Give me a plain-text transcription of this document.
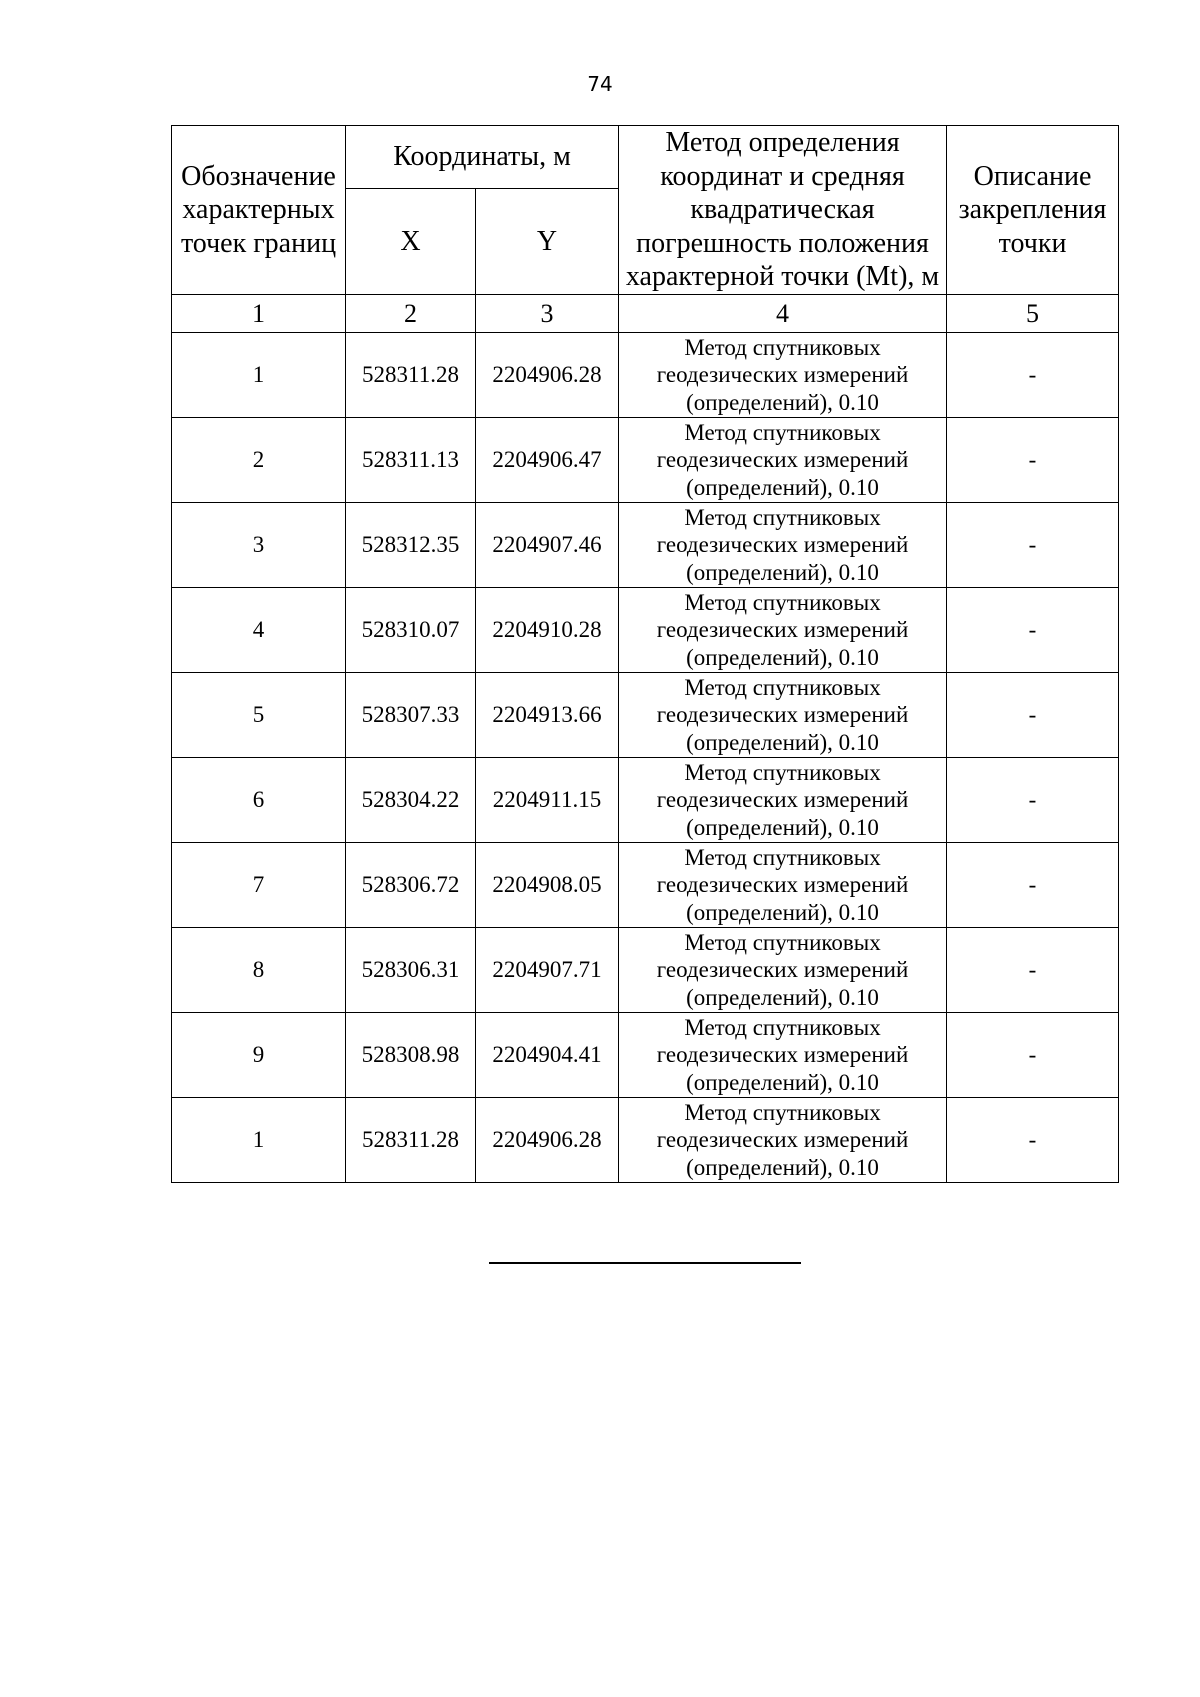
74
Обозначение характерных точек границ	Координаты, м		Метод определения координат и средняя квадратическая погрешность положения характерной точки (Mt), м	Описание закрепления точки
	X	Y		
1	2	3	4	5
1	528311.28	2204906.28	Метод спутниковых геодезических измерений (определений), 0.10	-
2	528311.13	2204906.47	Метод спутниковых геодезических измерений (определений), 0.10	-
3	528312.35	2204907.46	Метод спутниковых геодезических измерений (определений), 0.10	-
4	528310.07	2204910.28	Метод спутниковых геодезических измерений (определений), 0.10	-
5	528307.33	2204913.66	Метод спутниковых геодезических измерений (определений), 0.10	-
6	528304.22	2204911.15	Метод спутниковых геодезических измерений (определений), 0.10	-
7	528306.72	2204908.05	Метод спутниковых геодезических измерений (определений), 0.10	-
8	528306.31	2204907.71	Метод спутниковых геодезических измерений (определений), 0.10	-
9	528308.98	2204904.41	Метод спутниковых геодезических измерений (определений), 0.10	-
1	528311.28	2204906.28	Метод спутниковых геодезических измерений (определений), 0.10	-
